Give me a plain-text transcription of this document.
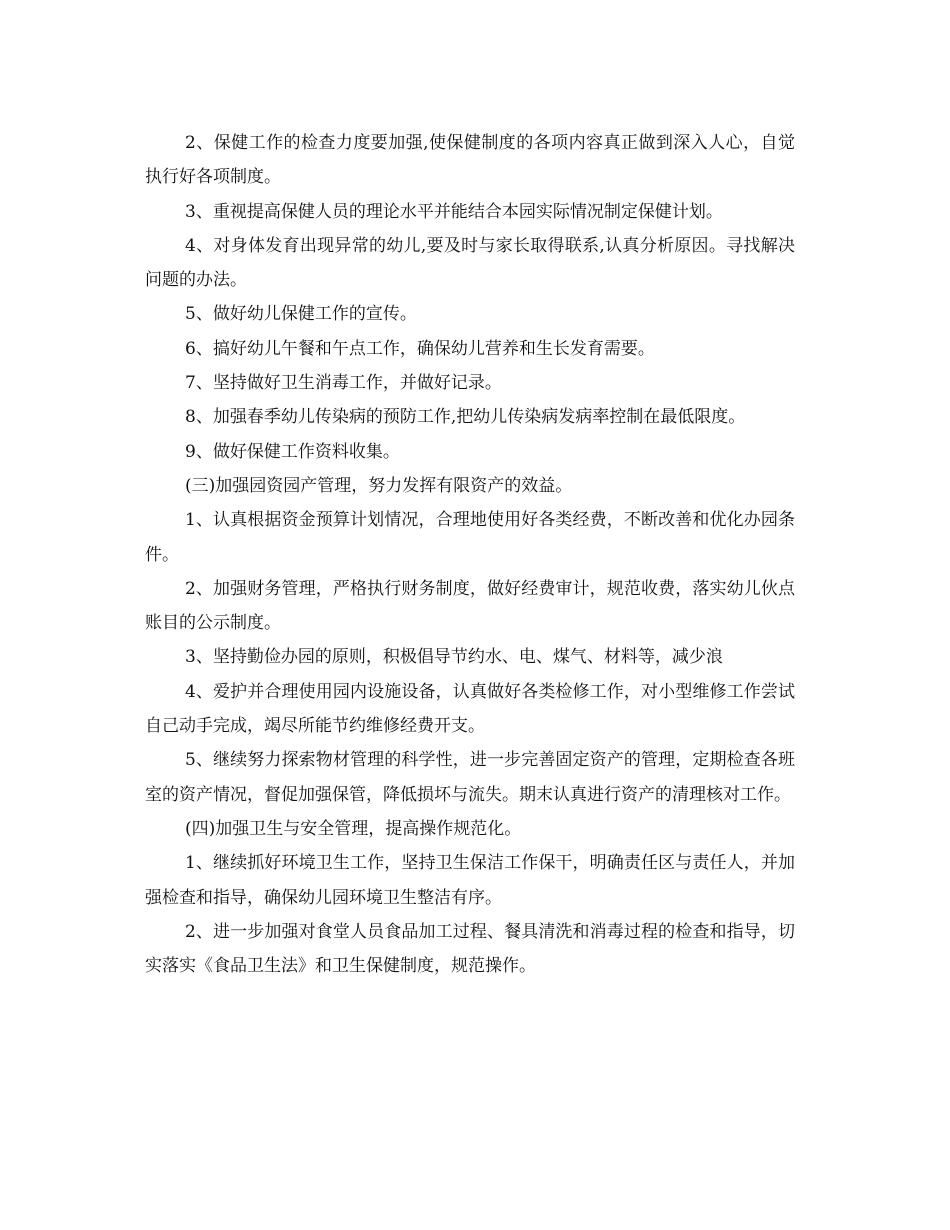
2、保健工作的检查力度要加强,使保健制度的各项内容真正做到深入人心，自觉执行好各项制度。

3、重视提高保健人员的理论水平并能结合本园实际情况制定保健计划。

4、对身体发育出现异常的幼儿,要及时与家长取得联系,认真分析原因。寻找解决问题的办法。

5、做好幼儿保健工作的宣传。

6、搞好幼儿午餐和午点工作，确保幼儿营养和生长发育需要。

7、坚持做好卫生消毒工作，并做好记录。

8、加强春季幼儿传染病的预防工作,把幼儿传染病发病率控制在最低限度。

9、做好保健工作资料收集。

(三)加强园资园产管理，努力发挥有限资产的效益。

1、认真根据资金预算计划情况，合理地使用好各类经费，不断改善和优化办园条件。

2、加强财务管理，严格执行财务制度，做好经费审计，规范收费，落实幼儿伙点账目的公示制度。

3、坚持勤俭办园的原则，积极倡导节约水、电、煤气、材料等，减少浪

4、爱护并合理使用园内设施设备，认真做好各类检修工作，对小型维修工作尝试自己动手完成，竭尽所能节约维修经费开支。

5、继续努力探索物材管理的科学性，进一步完善固定资产的管理，定期检查各班室的资产情况，督促加强保管，降低损坏与流失。期末认真进行资产的清理核对工作。

(四)加强卫生与安全管理，提高操作规范化。

1、继续抓好环境卫生工作，坚持卫生保洁工作保干，明确责任区与责任人，并加强检查和指导，确保幼儿园环境卫生整洁有序。

2、进一步加强对食堂人员食品加工过程、餐具清洗和消毒过程的检查和指导，切实落实《食品卫生法》和卫生保健制度，规范操作。
